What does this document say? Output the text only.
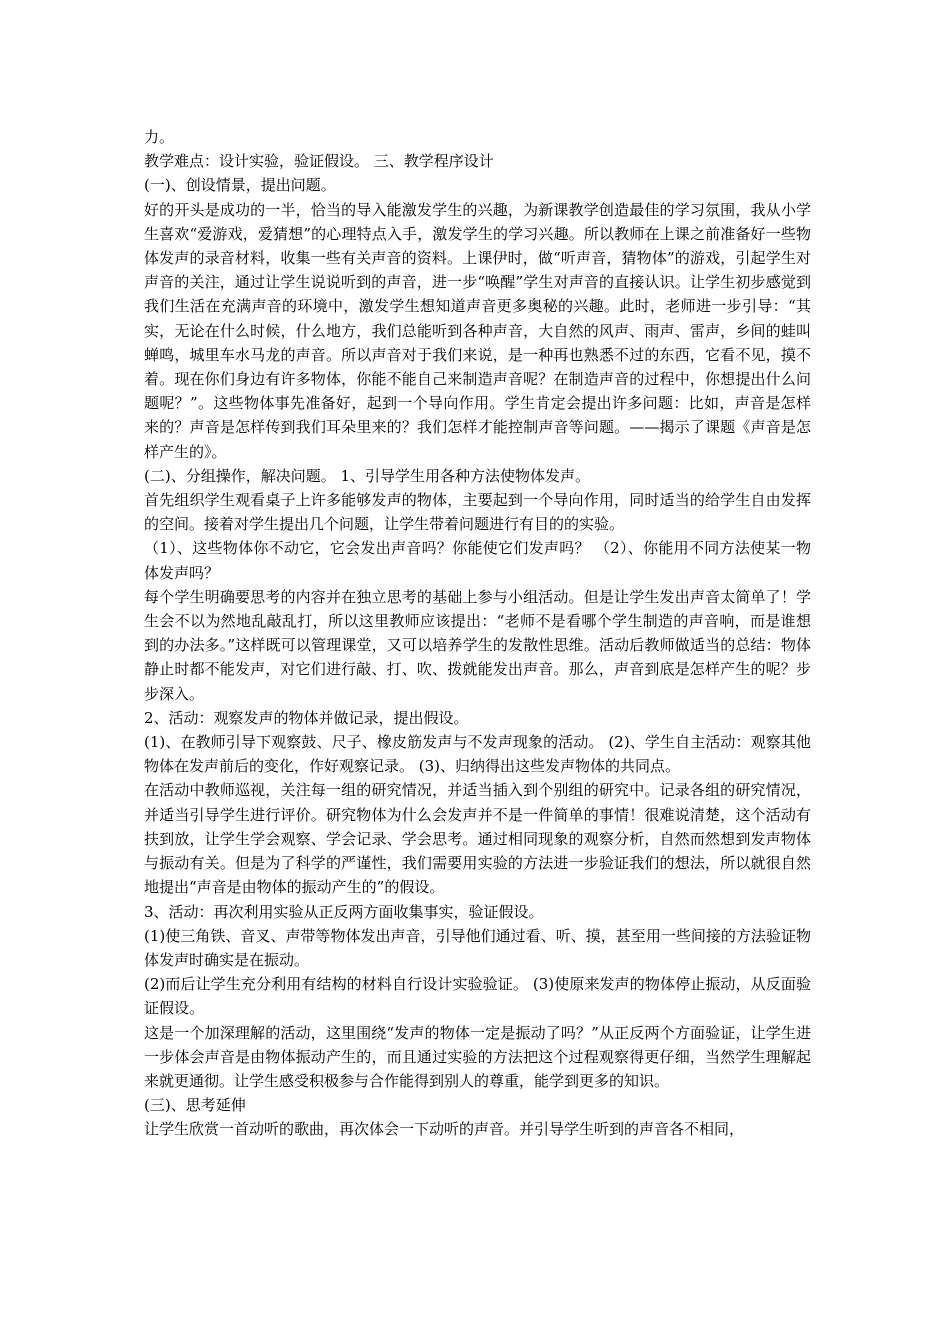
力。

教学难点：设计实验，验证假设。 三、教学程序设计

(一)、创设情景，提出问题。

好的开头是成功的一半，恰当的导入能激发学生的兴趣，为新课教学创造最佳的学习氛围，我从小学生喜欢“爱游戏，爱猜想”的心理特点入手，激发学生的学习兴趣。所以教师在上课之前准备好一些物体发声的录音材料，收集一些有关声音的资料。上课伊时，做“听声音，猜物体”的游戏，引起学生对声音的关注，通过让学生说说听到的声音，进一步“唤醒”学生对声音的直接认识。让学生初步感觉到我们生活在充满声音的环境中，激发学生想知道声音更多奥秘的兴趣。此时，老师进一步引导：“其实，无论在什么时候，什么地方，我们总能听到各种声音，大自然的风声、雨声、雷声，乡间的蛙叫蝉鸣，城里车水马龙的声音。所以声音对于我们来说，是一种再也熟悉不过的东西，它看不见，摸不着。现在你们身边有许多物体，你能不能自己来制造声音呢？在制造声音的过程中，你想提出什么问题呢？”。这些物体事先准备好，起到一个导向作用。学生肯定会提出许多问题：比如，声音是怎样来的？声音是怎样传到我们耳朵里来的？我们怎样才能控制声音等问题。——揭示了课题《声音是怎样产生的》。

(二)、分组操作，解决问题。 1、引导学生用各种方法使物体发声。

首先组织学生观看桌子上许多能够发声的物体，主要起到一个导向作用，同时适当的给学生自由发挥的空间。接着对学生提出几个问题，让学生带着问题进行有目的的实验。

（1）、这些物体你不动它，它会发出声音吗？你能使它们发声吗？ （2）、你能用不同方法使某一物体发声吗？

每个学生明确要思考的内容并在独立思考的基础上参与小组活动。但是让学生发出声音太简单了！学生会不以为然地乱敲乱打，所以这里教师应该提出：“老师不是看哪个学生制造的声音响，而是谁想到的办法多。”这样既可以管理课堂，又可以培养学生的发散性思维。活动后教师做适当的总结：物体静止时都不能发声，对它们进行敲、打、吹、拨就能发出声音。那么，声音到底是怎样产生的呢？步步深入。

2、活动：观察发声的物体并做记录，提出假设。

(1)、在教师引导下观察鼓、尺子、橡皮筋发声与不发声现象的活动。 (2)、学生自主活动：观察其他物体在发声前后的变化，作好观察记录。 (3)、归纳得出这些发声物体的共同点。

在活动中教师巡视，关注每一组的研究情况，并适当插入到个别组的研究中。记录各组的研究情况，并适当引导学生进行评价。研究物体为什么会发声并不是一件简单的事情！很难说清楚，这个活动有扶到放，让学生学会观察、学会记录、学会思考。通过相同现象的观察分析，自然而然想到发声物体与振动有关。但是为了科学的严谨性，我们需要用实验的方法进一步验证我们的想法，所以就很自然地提出“声音是由物体的振动产生的”的假设。

3、活动：再次利用实验从正反两方面收集事实，验证假设。

(1)使三角铁、音叉、声带等物体发出声音，引导他们通过看、听、摸，甚至用一些间接的方法验证物体发声时确实是在振动。

(2)而后让学生充分利用有结构的材料自行设计实验验证。 (3)使原来发声的物体停止振动，从反面验证假设。

这是一个加深理解的活动，这里围绕“发声的物体一定是振动了吗？”从正反两个方面验证，让学生进一步体会声音是由物体振动产生的，而且通过实验的方法把这个过程观察得更仔细，当然学生理解起来就更通彻。让学生感受积极参与合作能得到别人的尊重，能学到更多的知识。

(三)、思考延伸

让学生欣赏一首动听的歌曲，再次体会一下动听的声音。并引导学生听到的声音各不相同，
